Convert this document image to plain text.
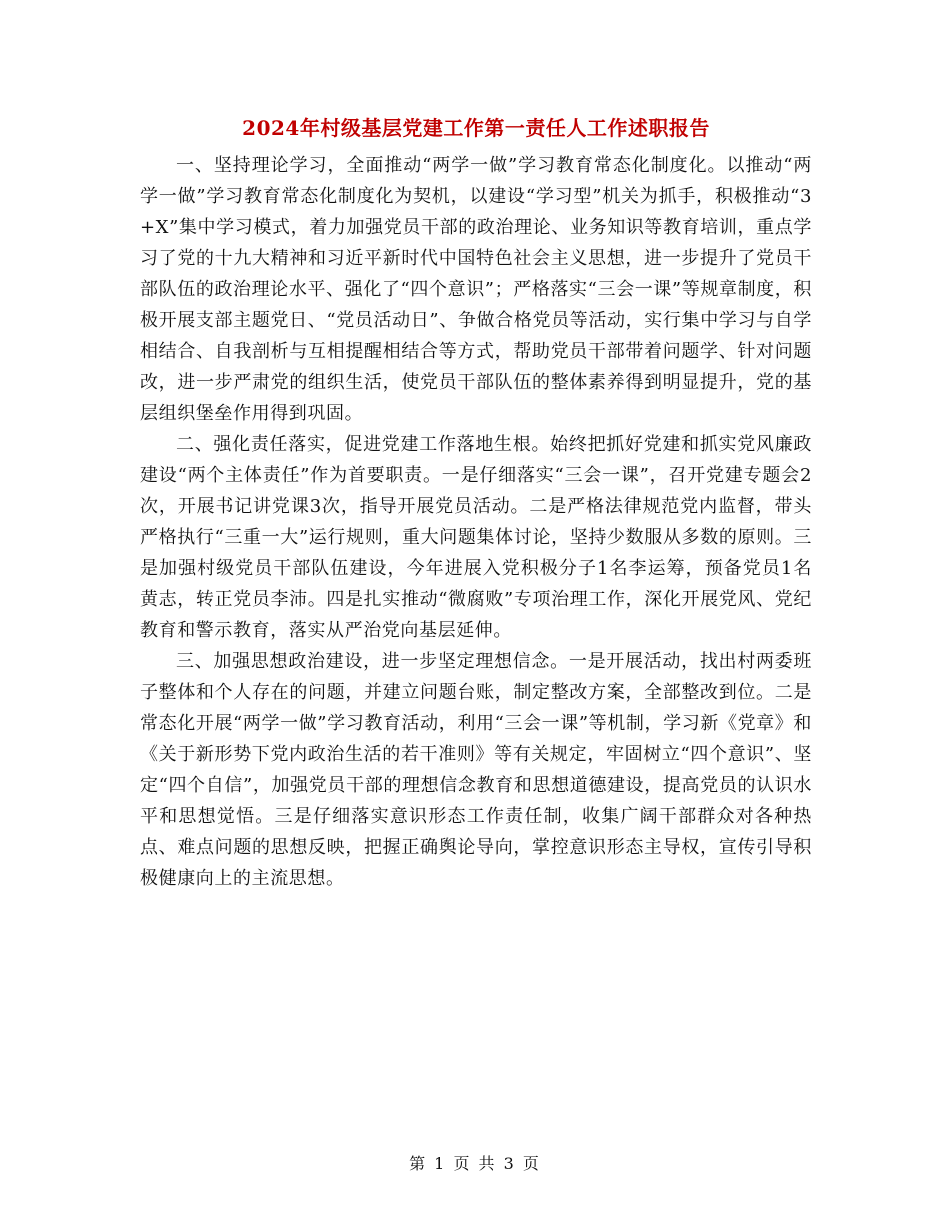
2024年村级基层党建工作第一责任人工作述职报告

一、坚持理论学习，全面推动“两学一做”学习教育常态化制度化。以推动“两学一做”学习教育常态化制度化为契机，以建设“学习型”机关为抓手，积极推动“3+X”集中学习模式，着力加强党员干部的政治理论、业务知识等教育培训，重点学习了党的十九大精神和习近平新时代中国特色社会主义思想，进一步提升了党员干部队伍的政治理论水平、强化了“四个意识”；严格落实“三会一课”等规章制度，积极开展支部主题党日、“党员活动日”、争做合格党员等活动，实行集中学习与自学相结合、自我剖析与互相提醒相结合等方式，帮助党员干部带着问题学、针对问题改，进一步严肃党的组织生活，使党员干部队伍的整体素养得到明显提升，党的基层组织堡垒作用得到巩固。

二、强化责任落实，促进党建工作落地生根。始终把抓好党建和抓实党风廉政建设“两个主体责任”作为首要职责。一是仔细落实“三会一课”，召开党建专题会2次，开展书记讲党课3次，指导开展党员活动。二是严格法律规范党内监督，带头严格执行“三重一大”运行规则，重大问题集体讨论，坚持少数服从多数的原则。三是加强村级党员干部队伍建设，今年进展入党积极分子1名李运筹，预备党员1名黄志，转正党员李沛。四是扎实推动“微腐败”专项治理工作，深化开展党风、党纪教育和警示教育，落实从严治党向基层延伸。

三、加强思想政治建设，进一步坚定理想信念。一是开展活动，找出村两委班子整体和个人存在的问题，并建立问题台账，制定整改方案，全部整改到位。二是常态化开展“两学一做”学习教育活动，利用“三会一课”等机制，学习新《党章》和《关于新形势下党内政治生活的若干准则》等有关规定，牢固树立“四个意识”、坚定“四个自信”，加强党员干部的理想信念教育和思想道德建设，提高党员的认识水平和思想觉悟。三是仔细落实意识形态工作责任制，收集广阔干部群众对各种热点、难点问题的思想反映，把握正确舆论导向，掌控意识形态主导权，宣传引导积极健康向上的主流思想。

第 1 页 共 3 页
